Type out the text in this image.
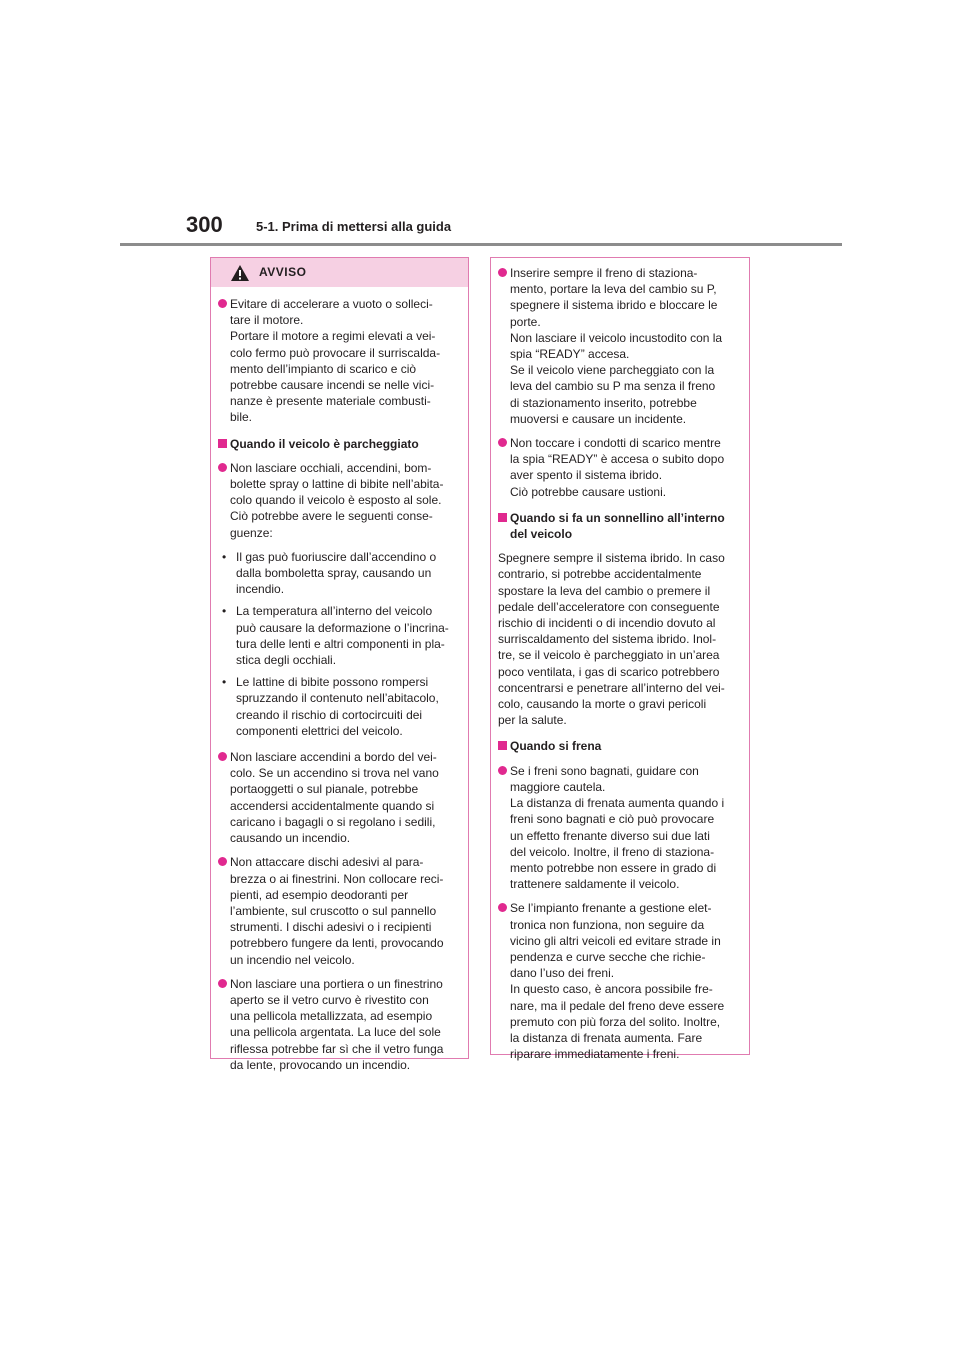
300	5-1. Prima di mettersi alla guida
AVVISO
Evitare di accelerare a vuoto o solleci-
tare il motore.
Portare il motore a regimi elevati a vei-
colo fermo può provocare il surriscalda-
mento dell’impianto di scarico e ciò
potrebbe causare incendi se nelle vici-
nanze è presente materiale combusti-
bile.
Quando il veicolo è parcheggiato
Non lasciare occhiali, accendini, bom-
bolette spray o lattine di bibite nell’abita-
colo quando il veicolo è esposto al sole.
Ciò potrebbe avere le seguenti conse-
guenze:
• Il gas può fuoriuscire dall’accendino o
dalla bomboletta spray, causando un
incendio.
• La temperatura all’interno del veicolo
può causare la deformazione o l’incrina-
tura delle lenti e altri componenti in pla-
stica degli occhiali.
• Le lattine di bibite possono rompersi
spruzzando il contenuto nell’abitacolo,
creando il rischio di cortocircuiti dei
componenti elettrici del veicolo.
Non lasciare accendini a bordo del vei-
colo. Se un accendino si trova nel vano
portaoggetti o sul pianale, potrebbe
accendersi accidentalmente quando si
caricano i bagagli o si regolano i sedili,
causando un incendio.
Non attaccare dischi adesivi al para-
brezza o ai finestrini. Non collocare reci-
pienti, ad esempio deodoranti per
l’ambiente, sul cruscotto o sul pannello
strumenti. I dischi adesivi o i recipienti
potrebbero fungere da lenti, provocando
un incendio nel veicolo.
Non lasciare una portiera o un finestrino
aperto se il vetro curvo è rivestito con
una pellicola metallizzata, ad esempio
una pellicola argentata. La luce del sole
riflessa potrebbe far sì che il vetro funga
da lente, provocando un incendio.
Inserire sempre il freno di staziona-
mento, portare la leva del cambio su P,
spegnere il sistema ibrido e bloccare le
porte.
Non lasciare il veicolo incustodito con la
spia “READY” accesa.
Se il veicolo viene parcheggiato con la
leva del cambio su P ma senza il freno
di stazionamento inserito, potrebbe
muoversi e causare un incidente.
Non toccare i condotti di scarico mentre
la spia “READY” è accesa o subito dopo
aver spento il sistema ibrido.
Ciò potrebbe causare ustioni.
Quando si fa un sonnellino all’interno
del veicolo
Spegnere sempre il sistema ibrido. In caso
contrario, si potrebbe accidentalmente
spostare la leva del cambio o premere il
pedale dell’acceleratore con conseguente
rischio di incidenti o di incendio dovuto al
surriscaldamento del sistema ibrido. Inol-
tre, se il veicolo è parcheggiato in un’area
poco ventilata, i gas di scarico potrebbero
concentrarsi e penetrare all’interno del vei-
colo, causando la morte o gravi pericoli
per la salute.
Quando si frena
Se i freni sono bagnati, guidare con
maggiore cautela.
La distanza di frenata aumenta quando i
freni sono bagnati e ciò può provocare
un effetto frenante diverso sui due lati
del veicolo. Inoltre, il freno di staziona-
mento potrebbe non essere in grado di
trattenere saldamente il veicolo.
Se l’impianto frenante a gestione elet-
tronica non funziona, non seguire da
vicino gli altri veicoli ed evitare strade in
pendenza e curve secche che richie-
dano l’uso dei freni.
In questo caso, è ancora possibile fre-
nare, ma il pedale del freno deve essere
premuto con più forza del solito. Inoltre,
la distanza di frenata aumenta. Fare
riparare immediatamente i freni.
